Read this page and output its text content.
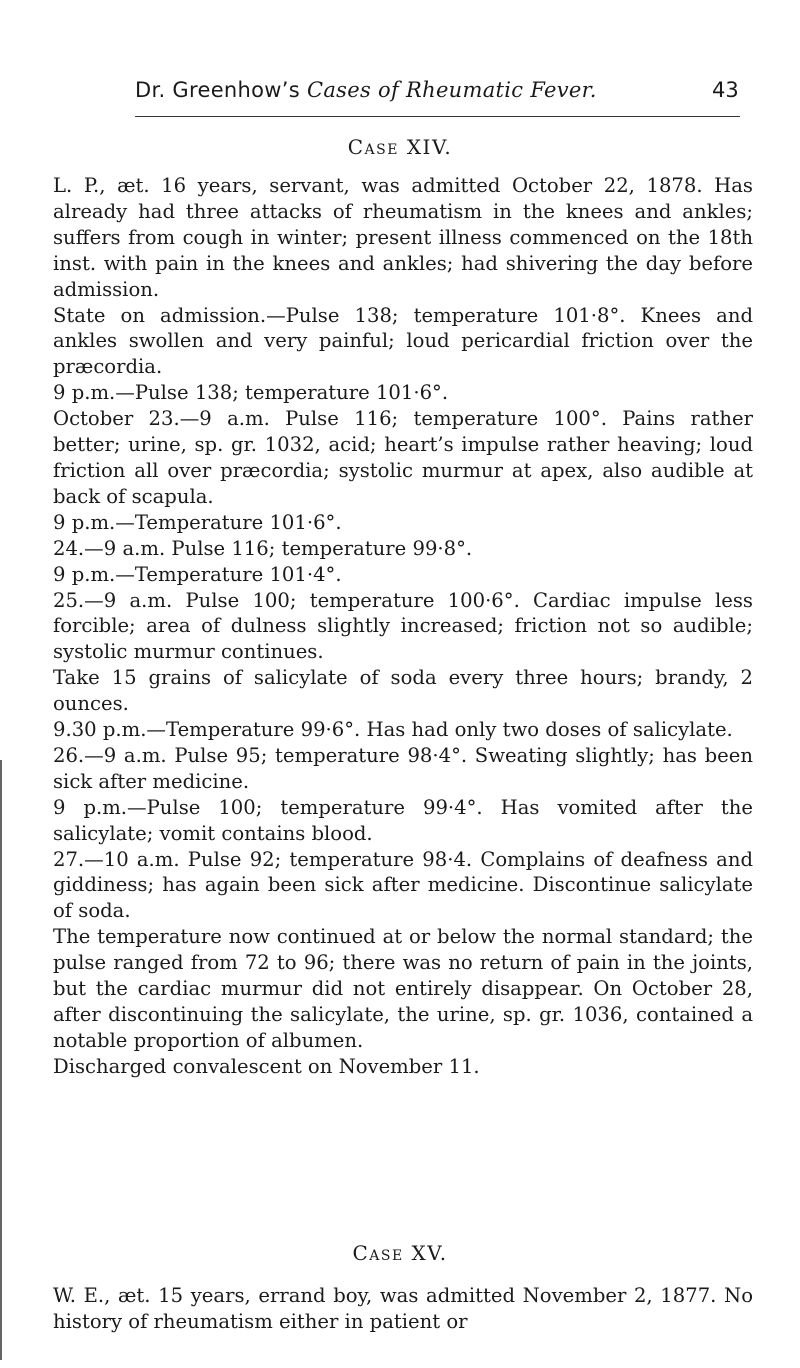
Dr. Greenhow’s Cases of Rheumatic Fever.	43
Case XIV.

L. P., æt. 16 years, servant, was admitted October 22, 1878. Has already had three attacks of rheumatism in the knees and ankles; suffers from cough in winter; present illness commenced on the 18th inst. with pain in the knees and ankles; had shivering the day before admission.

State on admission.—Pulse 138; temperature 101·8°. Knees and ankles swollen and very painful; loud pericardial friction over the præcordia.

9 p.m.—Pulse 138; temperature 101·6°.

October 23.—9 a.m. Pulse 116; temperature 100°. Pains rather better; urine, sp. gr. 1032, acid; heart’s impulse rather heaving; loud friction all over præcordia; systolic murmur at apex, also audible at back of scapula.

9 p.m.—Temperature 101·6°.

24.—9 a.m. Pulse 116; temperature 99·8°.

9 p.m.—Temperature 101·4°.

25.—9 a.m. Pulse 100; temperature 100·6°. Cardiac impulse less forcible; area of dulness slightly increased; friction not so audible; systolic murmur continues.

Take 15 grains of salicylate of soda every three hours; brandy, 2 ounces.

9.30 p.m.—Temperature 99·6°. Has had only two doses of salicylate.

26.—9 a.m. Pulse 95; temperature 98·4°. Sweating slightly; has been sick after medicine.

9 p.m.—Pulse 100; temperature 99·4°. Has vomited after the salicylate; vomit contains blood.

27.—10 a.m. Pulse 92; temperature 98·4. Complains of deafness and giddiness; has again been sick after medicine. Discontinue salicylate of soda.

The temperature now continued at or below the normal standard; the pulse ranged from 72 to 96; there was no return of pain in the joints, but the cardiac murmur did not entirely disappear. On October 28, after discontinuing the salicylate, the urine, sp. gr. 1036, contained a notable proportion of albumen.

Discharged convalescent on November 11.

Case XV.

W. E., æt. 15 years, errand boy, was admitted November 2, 1877. No history of rheumatism either in patient or
